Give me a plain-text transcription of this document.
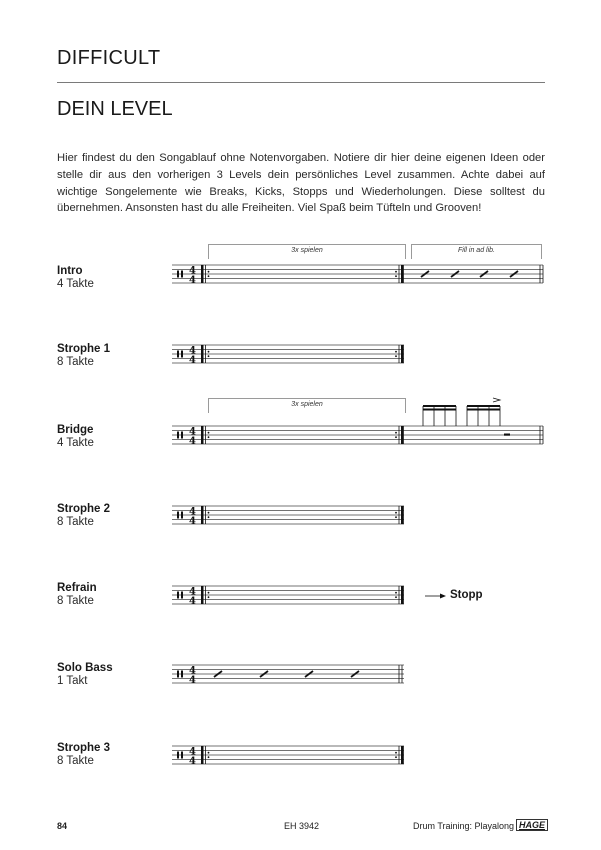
DIFFICULT
DEIN LEVEL
Hier findest du den Songablauf ohne Notenvorgaben. Notiere dir hier deine eigenen Ideen oder stelle dir aus den vorherigen 3 Levels dein persönliches Level zusammen. Achte dabei auf wichtige Songelemente wie Breaks, Kicks, Stopps und Wiederholungen. Diese solltest du übernehmen. Ansonsten hast du alle Freiheiten. Viel Spaß beim Tüfteln und Grooven!
Intro
4 Takte
Strophe 1
8 Takte
Bridge
4 Takte
Strophe 2
8 Takte
Refrain
8 Takte
Solo Bass
1 Takt
Strophe 3
8 Takte
3x spielen	Fill in ad lib.
3x spielen
4
4
Stopp
84	EH 3942	Drum Training: Playalong HAGE
